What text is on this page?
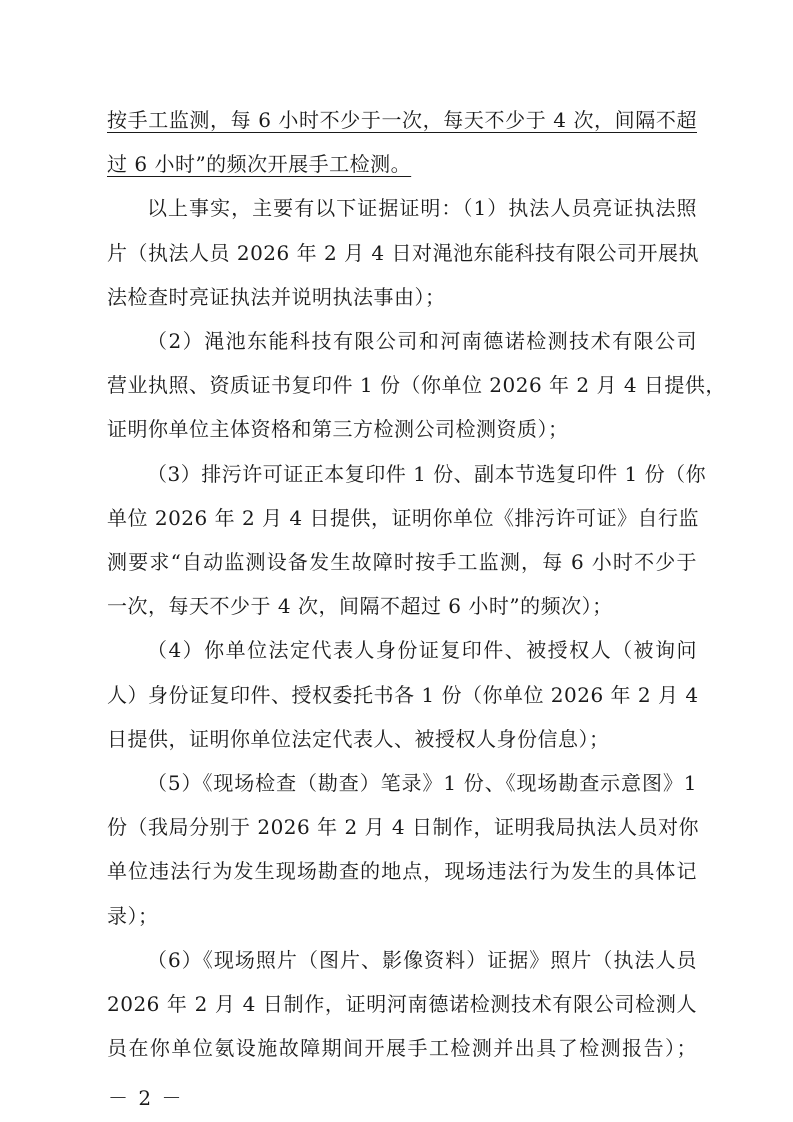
按手工监测，每 6 小时不少于一次，每天不少于 4 次，间隔不超
过 6 小时”的频次开展手工检测。
以上事实，主要有以下证据证明：（1）执法人员亮证执法照
片（执法人员 2026 年 2 月 4 日对渑池东能科技有限公司开展执
法检查时亮证执法并说明执法事由）；
（2）渑池东能科技有限公司和河南德诺检测技术有限公司
营业执照、资质证书复印件 1 份（你单位 2026 年 2 月 4 日提供，
证明你单位主体资格和第三方检测公司检测资质）；
（3）排污许可证正本复印件 1 份、副本节选复印件 1 份（你
单位 2026 年 2 月 4 日提供，证明你单位《排污许可证》自行监
测要求“自动监测设备发生故障时按手工监测，每 6 小时不少于
一次，每天不少于 4 次，间隔不超过 6 小时”的频次）；
（4）你单位法定代表人身份证复印件、被授权人（被询问
人）身份证复印件、授权委托书各 1 份（你单位 2026 年 2 月 4
日提供，证明你单位法定代表人、被授权人身份信息）；
（5）《现场检查（勘查）笔录》1 份、《现场勘查示意图》1
份（我局分别于 2026 年 2 月 4 日制作，证明我局执法人员对你
单位违法行为发生现场勘查的地点，现场违法行为发生的具体记
录）；
（6）《现场照片（图片、影像资料）证据》照片（执法人员
2026 年 2 月 4 日制作，证明河南德诺检测技术有限公司检测人
－ 2 －
员在你单位氨设施故障期间开展手工检测并出具了检测报告）；
